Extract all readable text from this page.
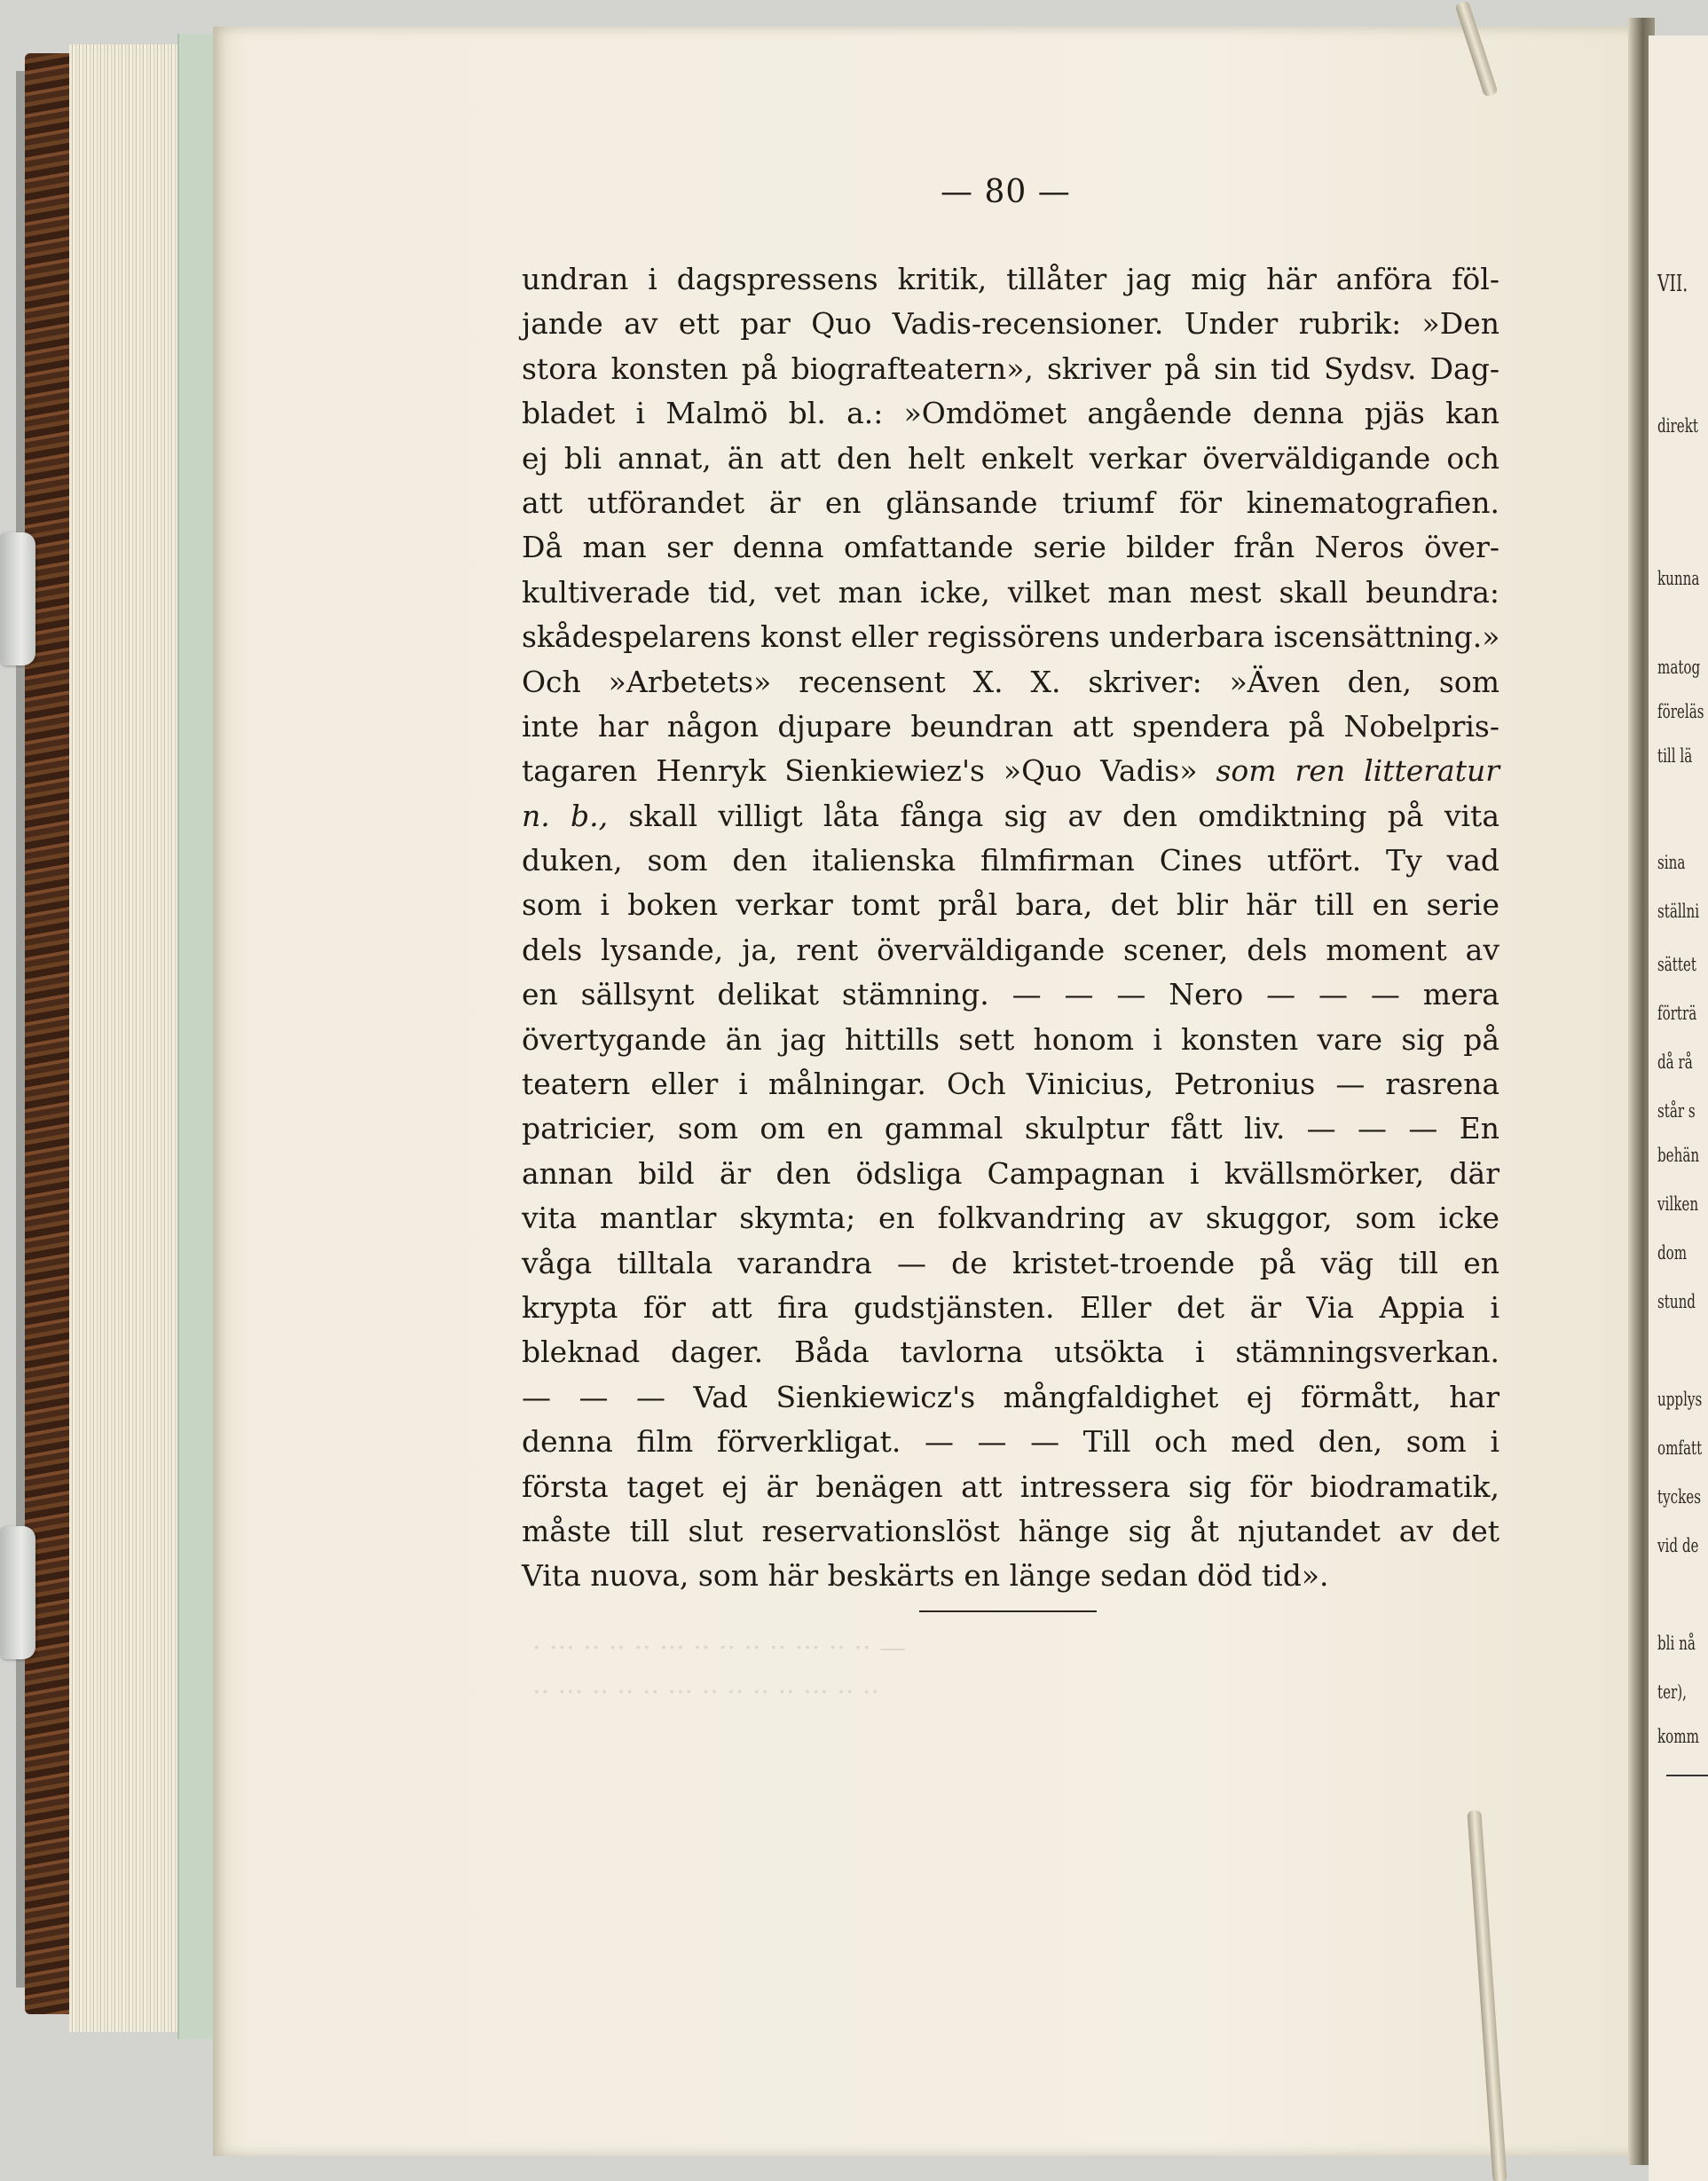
— ·· ·· ··· ·· ·· ·· ·· ··· ·· ·· ·· ··· ·
·· ·· ··· ·· ·· ·· ·· ··· ·· ·· ·· ··· ··
— 80 —
undran i dagspressens kritik, tillåter jag mig här anföra föl-
jande av ett par Quo Vadis-recensioner. Under rubrik: »Den
stora konsten på biografteatern», skriver på sin tid Sydsv. Dag-
bladet i Malmö bl. a.: »Omdömet angående denna pjäs kan
ej bli annat, än att den helt enkelt verkar överväldigande och
att utförandet är en glänsande triumf för kinematografien.
Då man ser denna omfattande serie bilder från Neros över-
kultiverade tid, vet man icke, vilket man mest skall beundra:
skådespelarens konst eller regissörens underbara iscensättning.»
Och »Arbetets» recensent X. X. skriver: »Även den, som
inte har någon djupare beundran att spendera på Nobelpris-
tagaren Henryk Sienkiewiez's »Quo Vadis» som ren litteratur
n. b., skall villigt låta fånga sig av den omdiktning på vita
duken, som den italienska filmfirman Cines utfört. Ty vad
som i boken verkar tomt prål bara, det blir här till en serie
dels lysande, ja, rent överväldigande scener, dels moment av
en sällsynt delikat stämning. — — — Nero — — — mera
övertygande än jag hittills sett honom i konsten vare sig på
teatern eller i målningar. Och Vinicius, Petronius — rasrena
patricier, som om en gammal skulptur fått liv. — — — En
annan bild är den ödsliga Campagnan i kvällsmörker, där
vita mantlar skymta; en folkvandring av skuggor, som icke
våga tilltala varandra — de kristet-troende på väg till en
krypta för att fira gudstjänsten. Eller det är Via Appia i
bleknad dager. Båda tavlorna utsökta i stämningsverkan.
— — — Vad Sienkiewicz's mångfaldighet ej förmått, har
denna film förverkligat. — — — Till och med den, som i
första taget ej är benägen att intressera sig för biodramatik,
måste till slut reservationslöst hänge sig åt njutandet av det
Vita nuova, som här beskärts en länge sedan död tid».
VII.
direkt
kunna
matog
föreläs
till lä
sina
ställni
sättet
förträ
då rå
står s
behän
vilken
dom
stund
upplys
omfatt
tyckes
vid de
bli nå
ter),
komm
